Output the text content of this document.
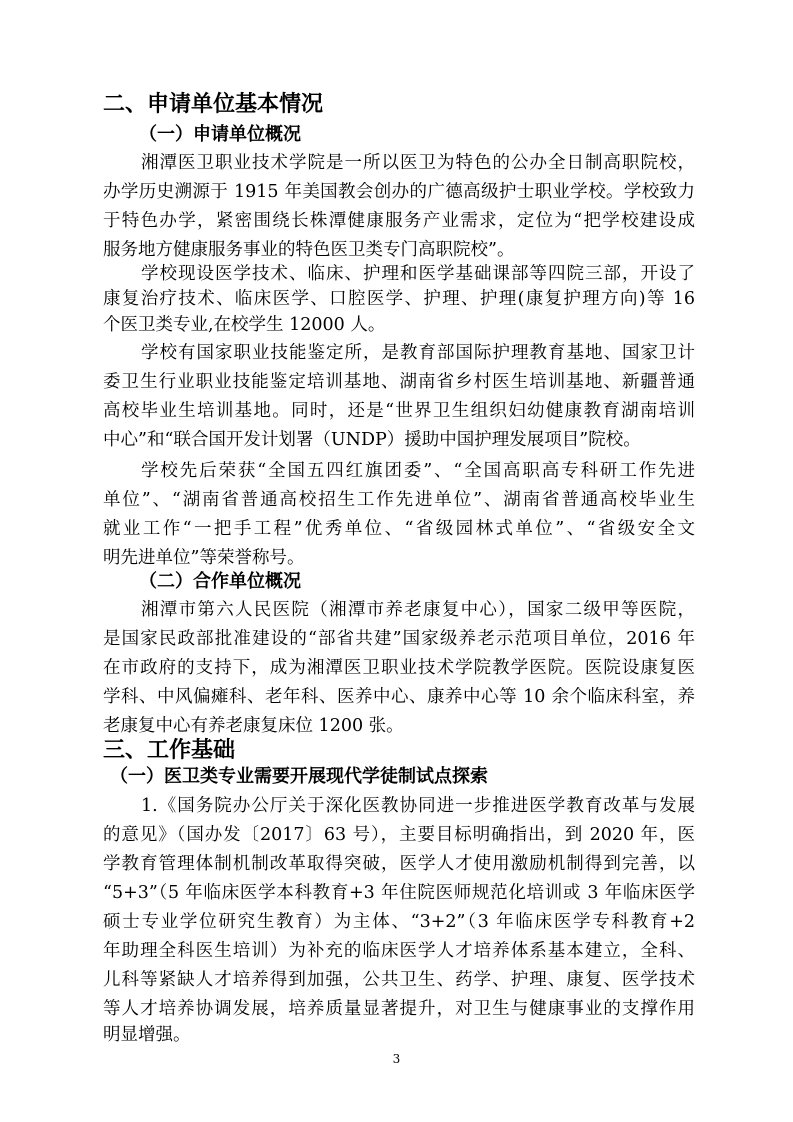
二、申请单位基本情况
（一）申请单位概况
湘潭医卫职业技术学院是一所以医卫为特色的公办全日制高职院校，
办学历史溯源于 1915 年美国教会创办的广德高级护士职业学校。学校致力
于特色办学，紧密围绕长株潭健康服务产业需求，定位为“把学校建设成
服务地方健康服务事业的特色医卫类专门高职院校”。
学校现设医学技术、临床、护理和医学基础课部等四院三部，开设了
康复治疗技术、临床医学、口腔医学、护理、护理(康复护理方向)等 16
个医卫类专业,在校学生 12000 人。
学校有国家职业技能鉴定所，是教育部国际护理教育基地、国家卫计
委卫生行业职业技能鉴定培训基地、湖南省乡村医生培训基地、新疆普通
高校毕业生培训基地。同时，还是“世界卫生组织妇幼健康教育湖南培训
中心”和“联合国开发计划署（UNDP）援助中国护理发展项目”院校。
学校先后荣获“全国五四红旗团委”、“全国高职高专科研工作先进
单位”、“湖南省普通高校招生工作先进单位”、湖南省普通高校毕业生
就业工作“一把手工程”优秀单位、“省级园林式单位”、“省级安全文
明先进单位”等荣誉称号。
（二）合作单位概况
湘潭市第六人民医院（湘潭市养老康复中心），国家二级甲等医院，
是国家民政部批准建设的“部省共建”国家级养老示范项目单位，2016 年
在市政府的支持下，成为湘潭医卫职业技术学院教学医院。医院设康复医
学科、中风偏瘫科、老年科、医养中心、康养中心等 10 余个临床科室，养
老康复中心有养老康复床位 1200 张。
三、工作基础
（一）医卫类专业需要开展现代学徒制试点探索
1.《国务院办公厅关于深化医教协同进一步推进医学教育改革与发展
的意见》（国办发〔2017〕63 号），主要目标明确指出，到 2020 年，医
学教育管理体制机制改革取得突破，医学人才使用激励机制得到完善，以
“5+3”（5 年临床医学本科教育+3 年住院医师规范化培训或 3 年临床医学
硕士专业学位研究生教育）为主体、“3+2”（3 年临床医学专科教育+2
年助理全科医生培训）为补充的临床医学人才培养体系基本建立，全科、
儿科等紧缺人才培养得到加强，公共卫生、药学、护理、康复、医学技术
等人才培养协调发展，培养质量显著提升，对卫生与健康事业的支撑作用
明显增强。
3
